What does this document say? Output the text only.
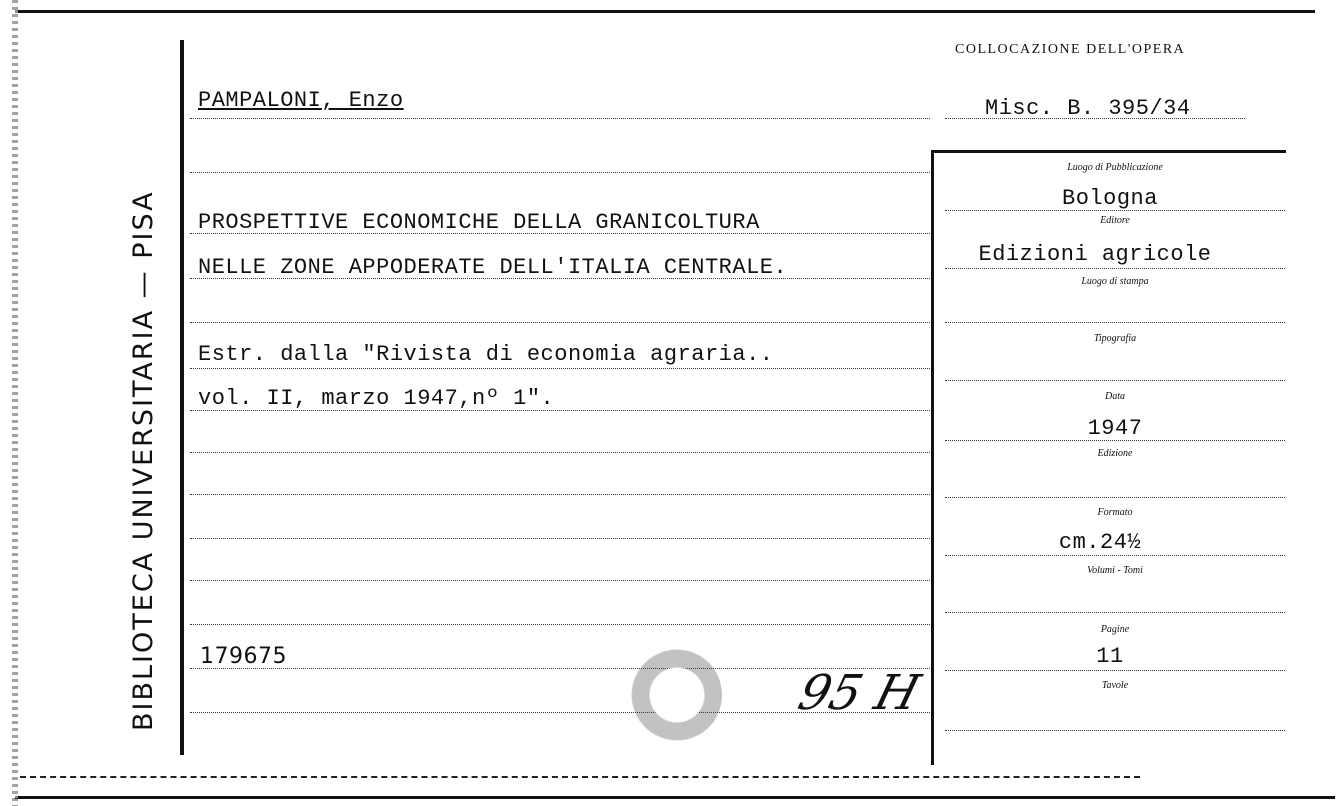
BIBLIOTECA UNIVERSITARIA — PISA
COLLOCAZIONE DELL'OPERA
PAMPALONI, Enzo	Misc. B. 395/34
PROSPETTIVE ECONOMICHE DELLA GRANICOLTURA
NELLE ZONE APPODERATE DELL'ITALIA CENTRALE.
Estr. dalla "Rivista di economia agraria..
vol. II, marzo 1947,nº 1".
179675
95 H
Luogo di Pubblicazione
Bologna
Editore
Edizioni agricole
Luogo di stampa
Tipografia
Data
1947
Edizione
Formato
cm.24½
Volumi - Tomi
Pagine
11
Tavole
